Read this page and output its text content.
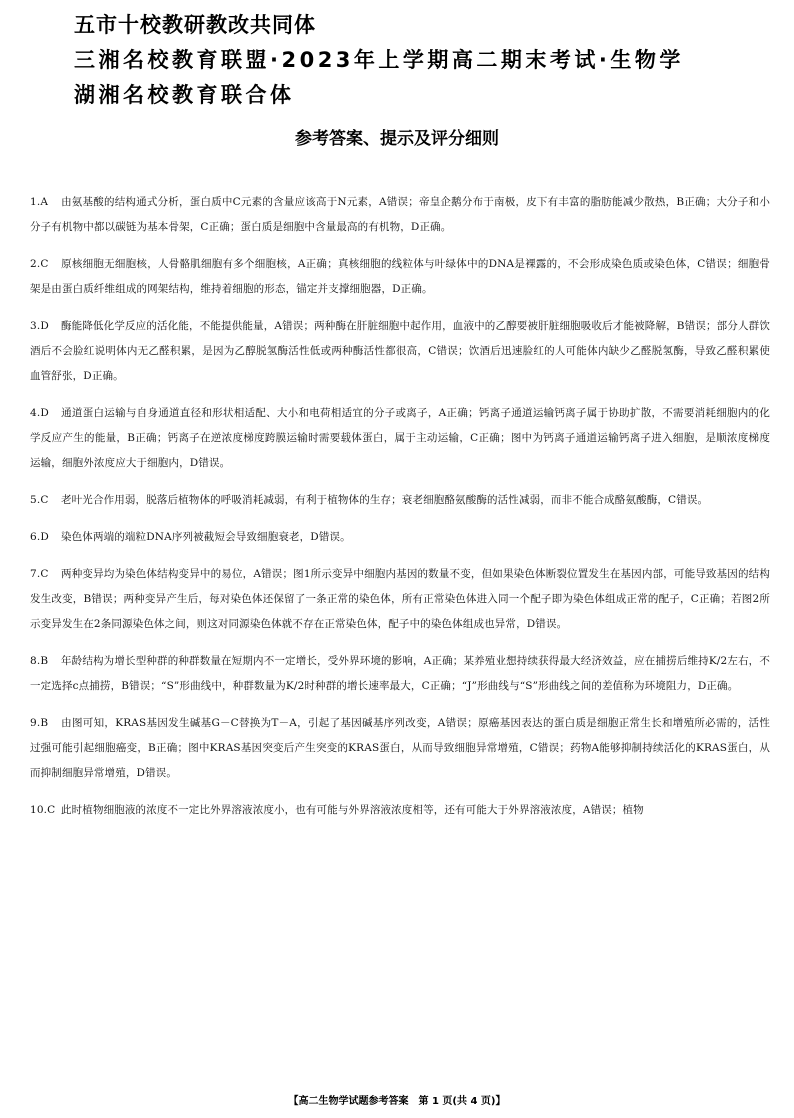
五市十校教研教改共同体
三湘名校教育联盟·2023年上学期高二期末考试·生物学
湖湘名校教育联合体
参考答案、提示及评分细则
1.A 由氨基酸的结构通式分析，蛋白质中C元素的含量应该高于N元素，A错误；帝皇企鹅分布于南极，皮下有丰富的脂肪能减少散热，B正确；大分子和小分子有机物中都以碳链为基本骨架，C正确；蛋白质是细胞中含量最高的有机物，D正确。
2.C 原核细胞无细胞核，人骨骼肌细胞有多个细胞核，A正确；真核细胞的线粒体与叶绿体中的DNA是裸露的，不会形成染色质或染色体，C错误；细胞骨架是由蛋白质纤维组成的网架结构，维持着细胞的形态，锚定并支撑细胞器，D正确。
3.D 酶能降低化学反应的活化能，不能提供能量，A错误；两种酶在肝脏细胞中起作用，血液中的乙醇要被肝脏细胞吸收后才能被降解，B错误；部分人群饮酒后不会脸红说明体内无乙醛积累，是因为乙醇脱氢酶活性低或两种酶活性都很高，C错误；饮酒后迅速脸红的人可能体内缺少乙醛脱氢酶，导致乙醛积累使血管舒张，D正确。
4.D 通道蛋白运输与自身通道直径和形状相适配、大小和电荷相适宜的分子或离子，A正确；钙离子通道运输钙离子属于协助扩散，不需要消耗细胞内的化学反应产生的能量，B正确；钙离子在逆浓度梯度跨膜运输时需要载体蛋白，属于主动运输，C正确；图中为钙离子通道运输钙离子进入细胞，是顺浓度梯度运输，细胞外浓度应大于细胞内，D错误。
5.C 老叶光合作用弱，脱落后植物体的呼吸消耗减弱，有利于植物体的生存；衰老细胞酪氨酸酶的活性减弱，而非不能合成酪氨酸酶，C错误。
6.D 染色体两端的端粒DNA序列被截短会导致细胞衰老，D错误。
7.C 两种变异均为染色体结构变异中的易位，A错误；图1所示变异中细胞内基因的数量不变，但如果染色体断裂位置发生在基因内部，可能导致基因的结构发生改变，B错误；两种变异产生后，每对染色体还保留了一条正常的染色体，所有正常染色体进入同一个配子即为染色体组成正常的配子，C正确；若图2所示变异发生在2条同源染色体之间，则这对同源染色体就不存在正常染色体，配子中的染色体组成也异常，D错误。
8.B 年龄结构为增长型种群的种群数量在短期内不一定增长，受外界环境的影响，A正确；某养殖业想持续获得最大经济效益，应在捕捞后维持K/2左右，不一定选择c点捕捞，B错误；“S”形曲线中，种群数量为K/2时种群的增长速率最大，C正确；“J”形曲线与“S”形曲线之间的差值称为环境阻力，D正确。
9.B 由图可知，KRAS基因发生碱基G－C替换为T－A，引起了基因碱基序列改变，A错误；原癌基因表达的蛋白质是细胞正常生长和增殖所必需的，活性过强可能引起细胞癌变，B正确；图中KRAS基因突变后产生突变的KRAS蛋白，从而导致细胞异常增殖，C错误；药物A能够抑制持续活化的KRAS蛋白，从而抑制细胞异常增殖，D错误。
10.C 此时植物细胞液的浓度不一定比外界溶液浓度小，也有可能与外界溶液浓度相等，还有可能大于外界溶液浓度，A错误；植物
【高二生物学试题参考答案　第 1 页(共 4 页)】
